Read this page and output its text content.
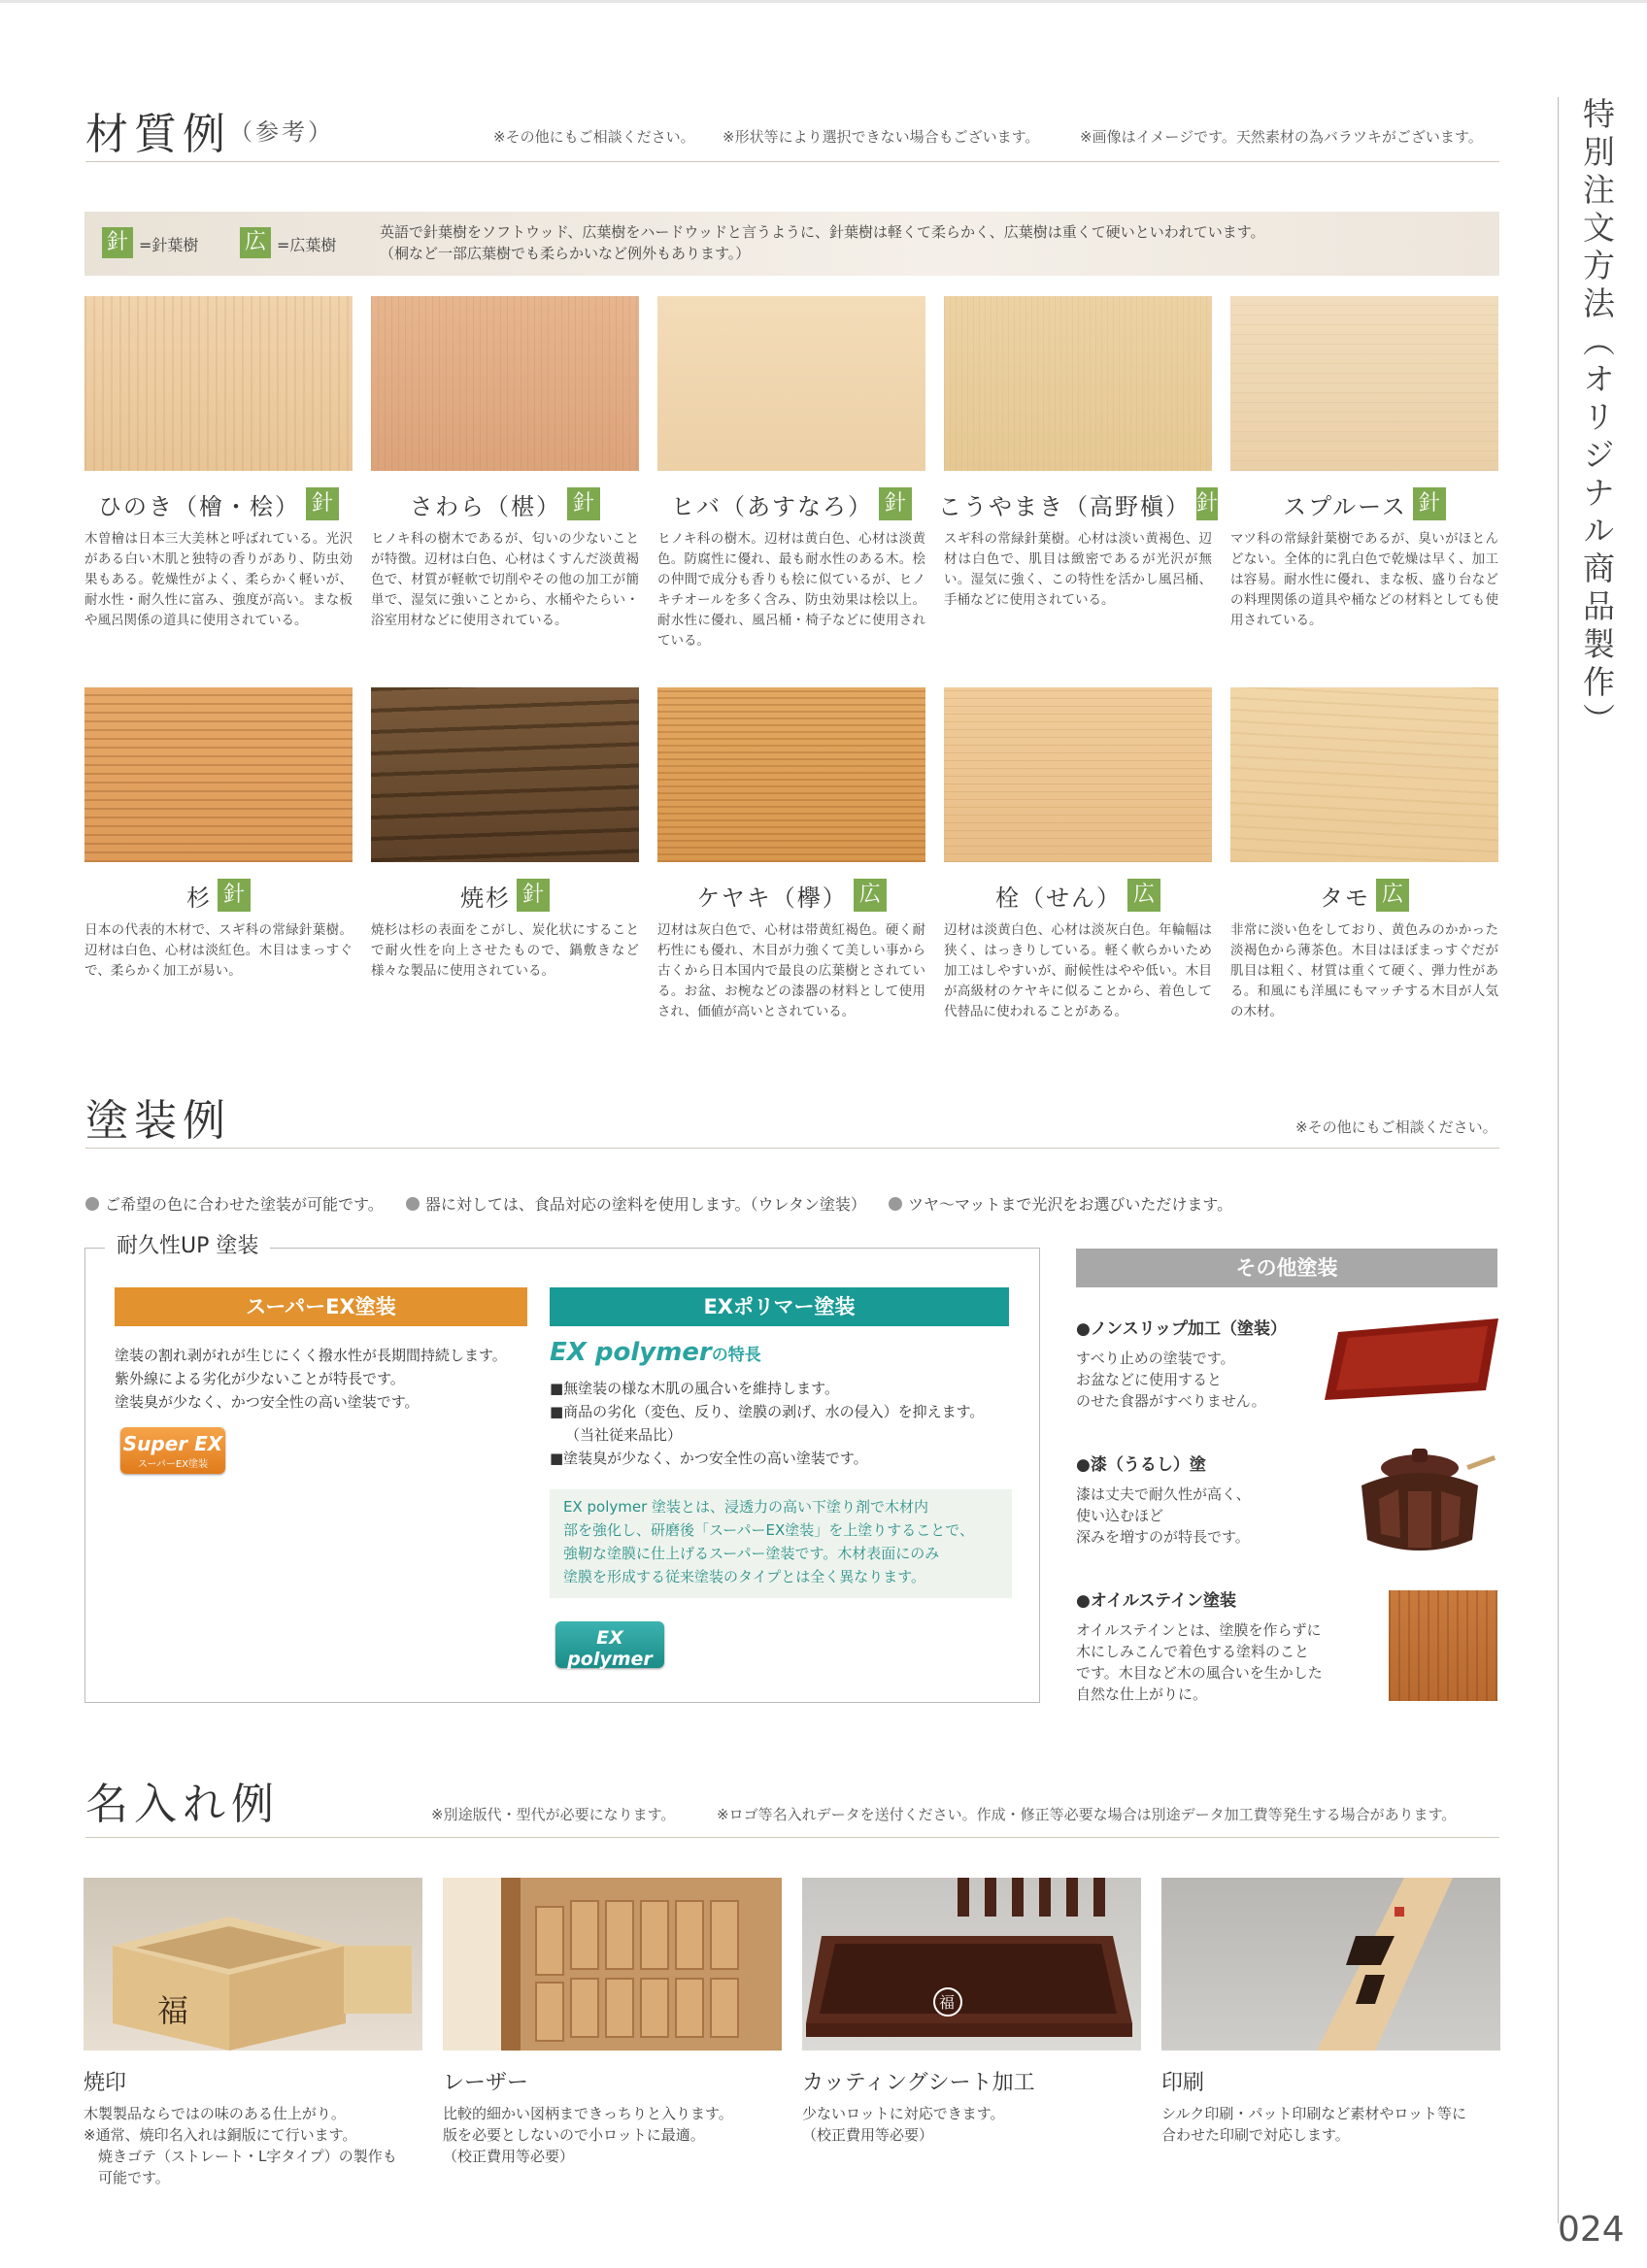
特別注文方法（オリジナル商品製作）
材質例
（参考）	※その他にもご相談ください。 ※形状等により選択できない場合もございます。	※画像はイメージです。天然素材の為バラツキがございます。
針 =針葉樹 広 =広葉樹
英語で針葉樹をソフトウッド、広葉樹をハードウッドと言うように、針葉樹は軽くて柔らかく、広葉樹は重くて硬いといわれています。
（桐など一部広葉樹でも柔らかいなど例外もあります。）
ひのき（檜・桧） 針
木曽檜は日本三大美林と呼ばれている。光沢がある白い木肌と独特の香りがあり、防虫効果もある。乾燥性がよく、柔らかく軽いが、耐水性・耐久性に富み、強度が高い。まな板や風呂関係の道具に使用されている。
さわら（椹） 針
ヒノキ科の樹木であるが、匂いの少ないことが特徴。辺材は白色、心材はくすんだ淡黄褐色で、材質が軽軟で切削やその他の加工が簡単で、湿気に強いことから、水桶やたらい・浴室用材などに使用されている。
ヒバ（あすなろ） 針
ヒノキ科の樹木。辺材は黄白色、心材は淡黄色。防腐性に優れ、最も耐水性のある木。桧の仲間で成分も香りも桧に似ているが、ヒノキチオールを多く含み、防虫効果は桧以上。耐水性に優れ、風呂桶・椅子などに使用されている。
こうやまき（高野槇） 針
スギ科の常緑針葉樹。心材は淡い黄褐色、辺材は白色で、肌目は緻密であるが光沢が無い。湿気に強く、この特性を活かし風呂桶、手桶などに使用されている。
スプルース 針
マツ科の常緑針葉樹であるが、臭いがほとんどない。全体的に乳白色で乾燥は早く、加工は容易。耐水性に優れ、まな板、盛り台などの料理関係の道具や桶などの材料としても使用されている。
杉 針
日本の代表的木材で、スギ科の常緑針葉樹。辺材は白色、心材は淡紅色。木目はまっすぐで、柔らかく加工が易い。
焼杉 針
焼杉は杉の表面をこがし、炭化状にすることで耐火性を向上させたもので、鍋敷きなど様々な製品に使用されている。
ケヤキ（欅） 広
辺材は灰白色で、心材は帯黄紅褐色。硬く耐朽性にも優れ、木目が力強くて美しい事から古くから日本国内で最良の広葉樹とされている。お盆、お椀などの漆器の材料として使用され、価値が高いとされている。
栓（せん） 広
辺材は淡黄白色、心材は淡灰白色。年輪幅は狭く、はっきりしている。軽く軟らかいため加工はしやすいが、耐候性はやや低い。木目が高級材のケヤキに似ることから、着色して代替品に使われることがある。
タモ 広
非常に淡い色をしており、黄色みのかかった淡褐色から薄茶色。木目はほぼまっすぐだが肌目は粗く、材質は重くて硬く、弾力性がある。和風にも洋風にもマッチする木目が人気の木材。
塗装例	※その他にもご相談ください。
ご希望の色に合わせた塗装が可能です。	器に対しては、食品対応の塗料を使用します。（ウレタン塗装）	ツヤ～マットまで光沢をお選びいただけます。
耐久性UP 塗装
スーパーEX塗装
塗装の割れ剥がれが生じにくく撥水性が長期間持続します。
紫外線による劣化が少ないことが特長です。
塗装臭が少なく、かつ安全性の高い塗装です。
Super EX
スーパーEX塗装
EXポリマー塗装
EX polymerの特長
■無塗装の様な木肌の風合いを維持します。
■商品の劣化（変色、反り、塗膜の剥げ、水の侵入）を抑えます。
（当社従来品比）
■塗装臭が少なく、かつ安全性の高い塗装です。
EX polymer 塗装とは、浸透力の高い下塗り剤で木材内
部を強化し、研磨後「スーパーEX塗装」を上塗りすることで、
強靭な塗膜に仕上げるスーパー塗装です。木材表面にのみ
塗膜を形成する従来塗装のタイプとは全く異なります。
EX polymer
EX ポリマー塗装
その他塗装
●ノンスリップ加工（塗装）
すべり止めの塗装です。
お盆などに使用すると
のせた食器がすべりません。
●漆（うるし）塗
漆は丈夫で耐久性が高く、
使い込むほど
深みを増すのが特長です。
●オイルステイン塗装
オイルステインとは、塗膜を作らずに
木にしみこんで着色する塗料のこと
です。木目など木の風合いを生かした
自然な仕上がりに。
名入れ例	※別途版代・型代が必要になります。	※ロゴ等名入れデータを送付ください。作成・修正等必要な場合は別途データ加工費等発生する場合があります。
福
焼印
木製製品ならではの味のある仕上がり。
※通常、焼印名入れは銅版にて行います。
　焼きゴテ（ストレート・L字タイプ）の製作も
　可能です。
レーザー
比較的細かい図柄まできっちりと入ります。
版を必要としないので小ロットに最適。
（校正費用等必要）
福
カッティングシート加工
少ないロットに対応できます。
（校正費用等必要）
印刷
シルク印刷・パット印刷など素材やロット等に
合わせた印刷で対応します。
024
